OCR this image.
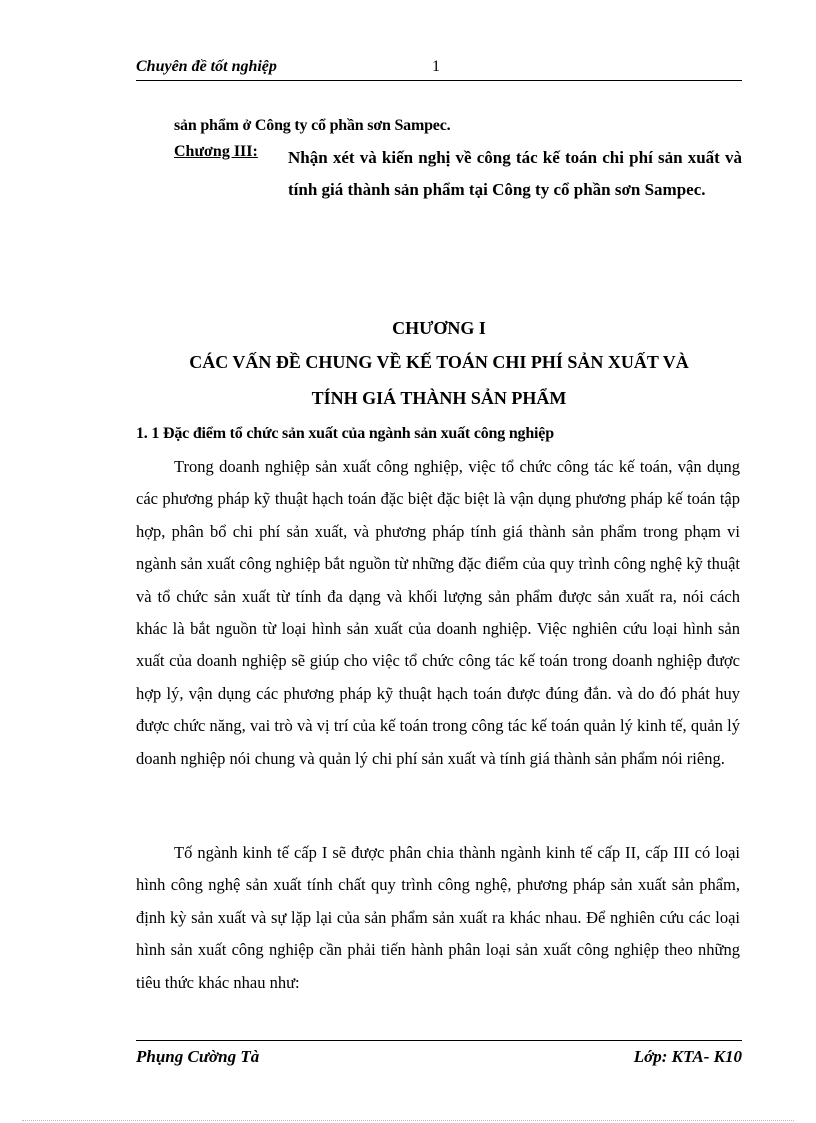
Chuyên đề tốt nghiệp	1
sản phẩm ở Công ty cổ phần sơn Sampec.
Chương III: Nhận xét và kiến nghị về công tác kế toán chi phí sản xuất và tính giá thành sản phẩm tại Công ty cổ phần sơn Sampec.
CHƯƠNG I
CÁC VẤN ĐỀ CHUNG VỀ KẾ TOÁN CHI PHÍ SẢN XUẤT VÀ
TÍNH GIÁ THÀNH SẢN PHẨM
1. 1 Đặc điểm tổ chức sản xuất của ngành sản xuất công nghiệp
Trong doanh nghiệp sản xuất công nghiệp, việc tổ chức công tác kế toán, vận dụng các phương pháp kỹ thuật hạch toán đặc biệt đặc biệt là vận dụng phương pháp kế toán tập hợp, phân bổ chi phí sản xuất, và phương pháp tính giá thành sản phẩm trong phạm vi ngành sản xuất công nghiệp bắt nguồn từ những đặc điểm của quy trình công nghệ kỹ thuật và tổ chức sản xuất từ tính đa dạng và khối lượng sản phẩm được sản xuất ra, nói cách khác là bắt nguồn từ loại hình sản xuất của doanh nghiệp. Việc nghiên cứu loại hình sản xuất của doanh nghiệp sẽ giúp cho việc tổ chức công tác kế toán trong doanh nghiệp được hợp lý, vận dụng các phương pháp kỹ thuật hạch toán được đúng đắn. và do đó phát huy được chức năng, vai trò và vị trí của kế toán trong công tác kế toán quản lý kinh tế, quản lý doanh nghiệp nói chung và quản lý chi phí sản xuất và tính giá thành sản phẩm nói riêng.
Tố ngành kinh tế cấp I sẽ được phân chia thành ngành kinh tế cấp II, cấp III có loại hình công nghệ sản xuất tính chất quy trình công nghệ, phương pháp sản xuất sản phẩm, định kỳ sản xuất và sự lặp lại của sản phẩm sản xuất ra khác nhau. Để nghiên cứu các loại hình sản xuất công nghiệp cần phải tiến hành phân loại sản xuất công nghiệp theo những tiêu thức khác nhau như:
Phụng Cường Tà	Lớp: KTA- K10
